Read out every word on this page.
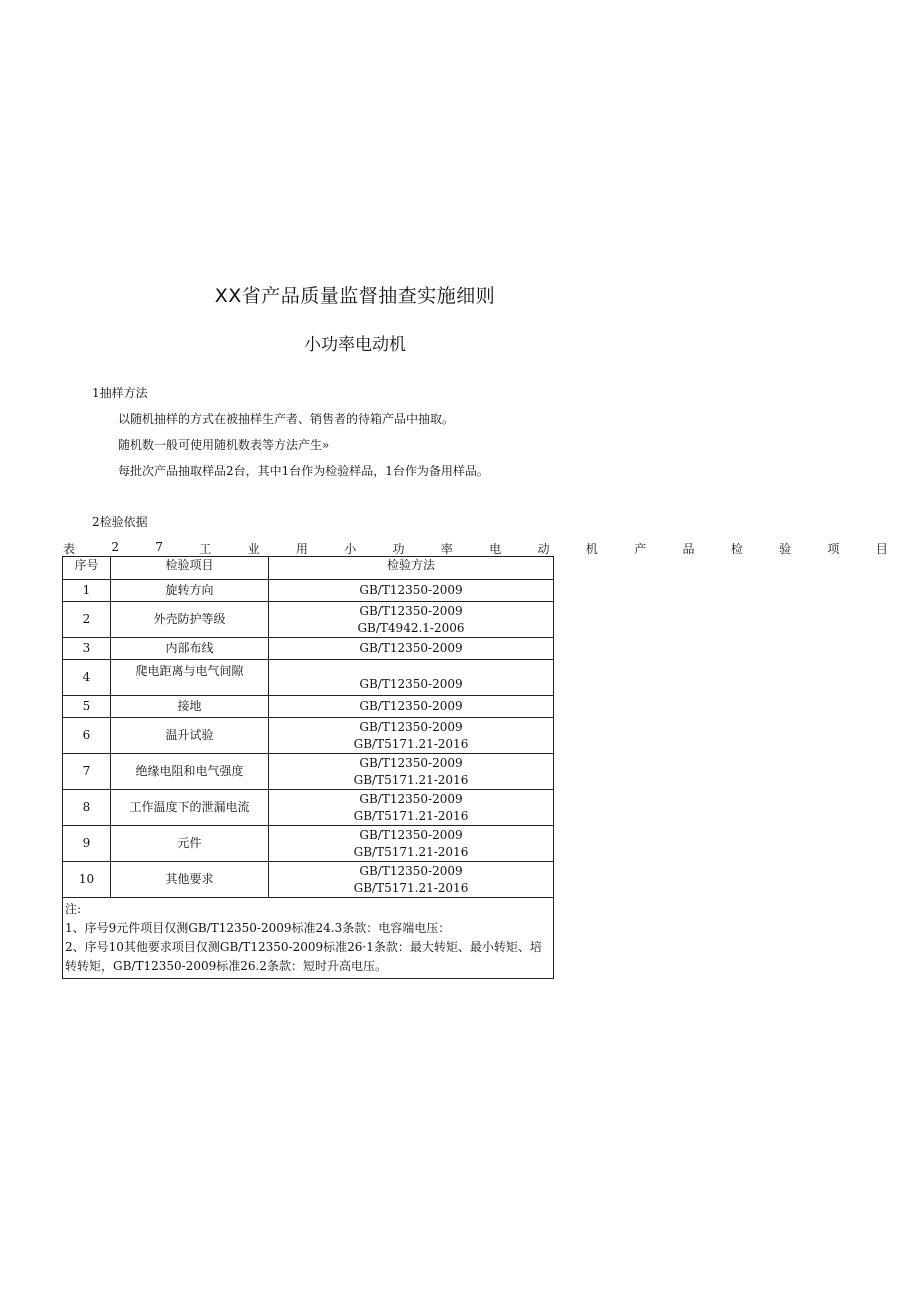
XX省产品质量监督抽查实施细则
小功率电动机
1抽样方法
以随机抽样的方式在被抽样生产者、销售者的待箱产品中抽取。
随机数一般可使用随机数表等方法产生»
每批次产品抽取样品2台，其中1台作为检验样品，1台作为备用样品。
2检验依据
表	2	7	工	业	用	小	功	率	电	动	机	产	品	检	验	项	目
序号	检验项目	检验方法
1	旋转方向	GB/T12350-2009

2	外壳防护等级	GB/T12350-2009
GB/T4942.1-2006

3	内部布线	GB/T12350-2009

4	爬电距离与电气间隙	GB/T12350-2009

5	接地	GB/T12350-2009

6	温升试验	GB/T12350-2009
GB/T5171.21-2016

7	绝缘电阻和电气强度	GB/T12350-2009
GB/T5171.21-2016

8	工作温度下的泄漏电流	GB/T12350-2009
GB/T5171.21-2016

9	元件	GB/T12350-2009
GB/T5171.21-2016

10	其他要求	GB/T12350-2009
GB/T5171.21-2016

注:
1、序号9元件项目仅测GB/T12350-2009标准24.3条款：电容端电压：
2、序号10其他要求项目仅测GB/T12350-2009标准26·1条款：最大转矩、最小转矩、培转转矩，GB/T12350-2009标准26.2条款：短时升高电压。		
